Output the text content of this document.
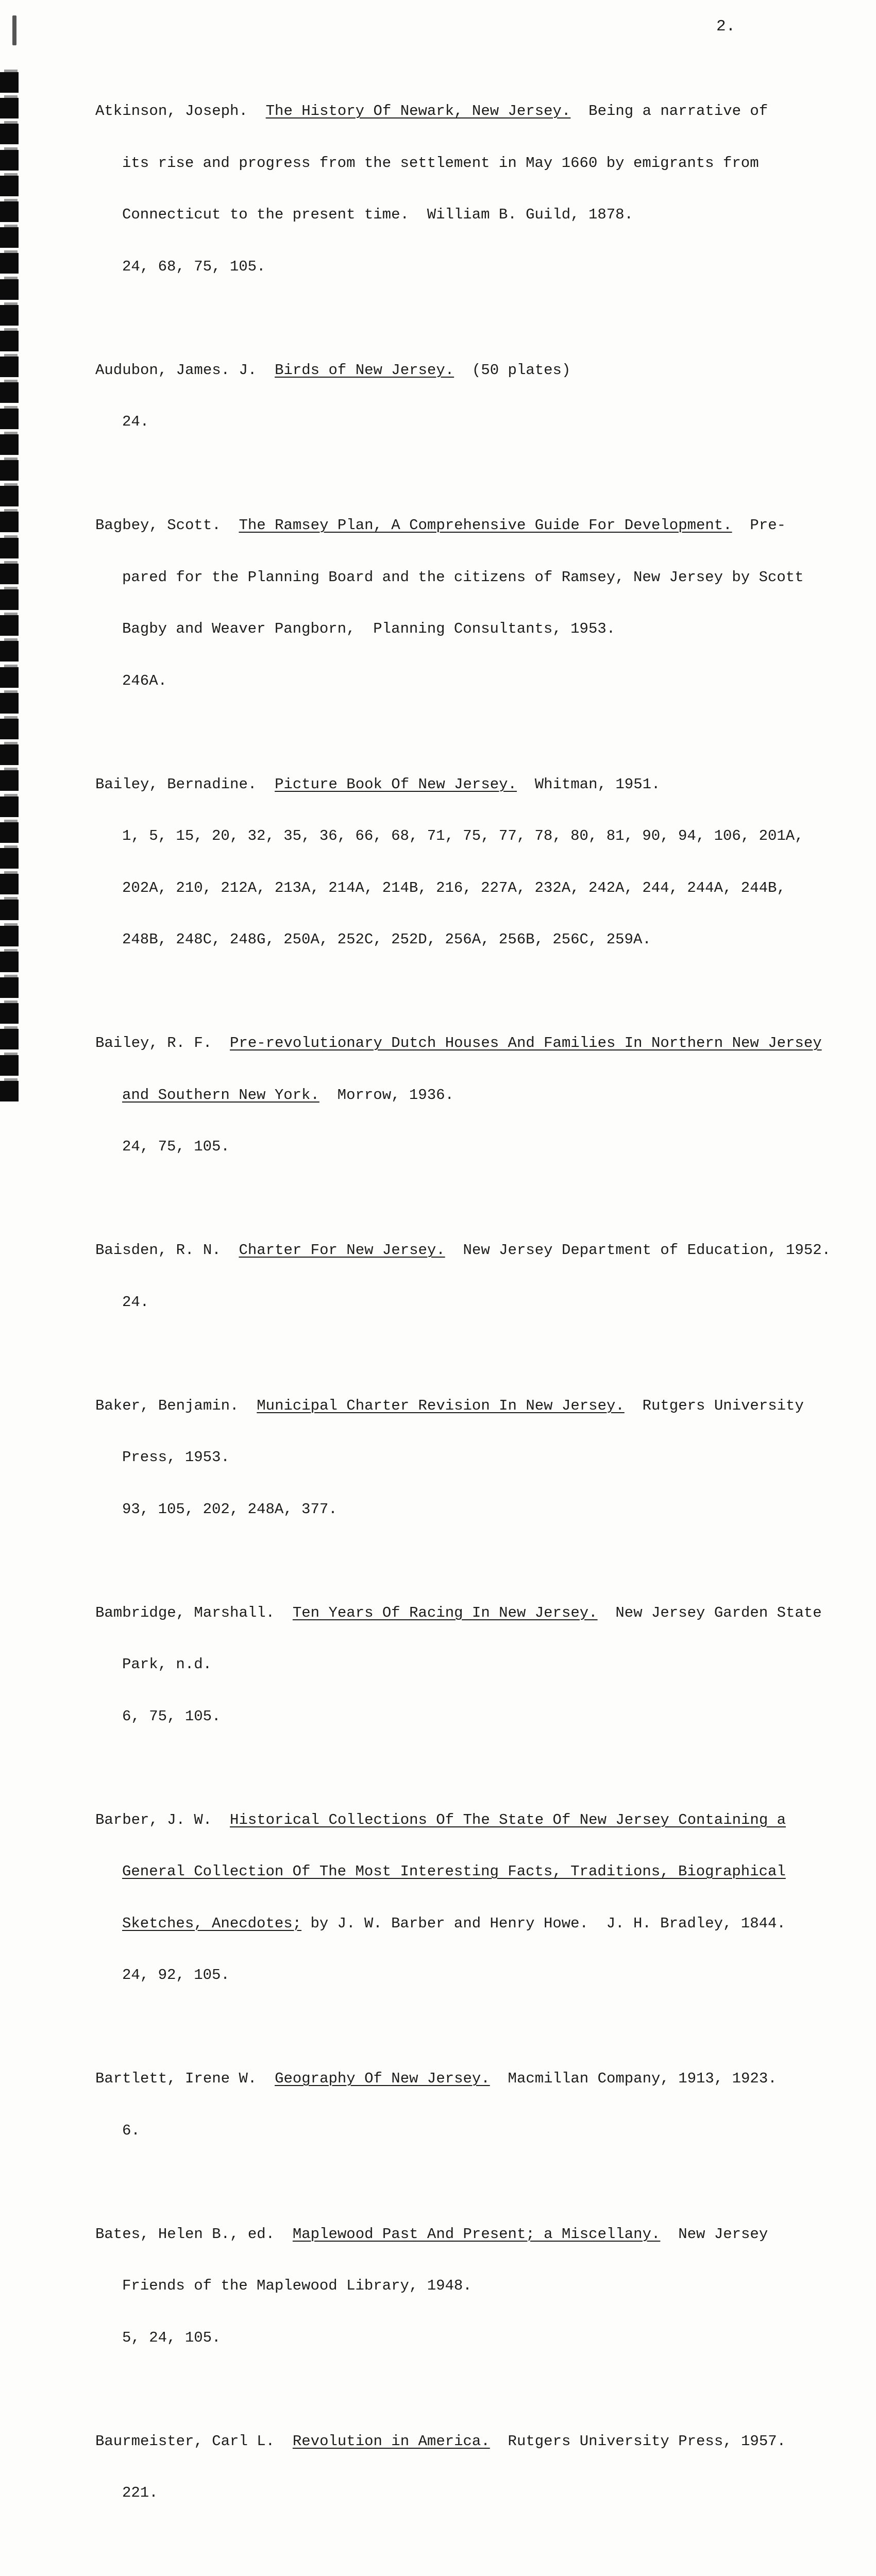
2.

Atkinson, Joseph.  The History Of Newark, New Jersey.  Being a narrative of

its rise and progress from the settlement in May 1660 by emigrants from

Connecticut to the present time.  William B. Guild, 1878.

24, 68, 75, 105.

Audubon, James. J.  Birds of New Jersey.  (50 plates)

24.

Bagbey, Scott.  The Ramsey Plan, A Comprehensive Guide For Development.  Pre-

pared for the Planning Board and the citizens of Ramsey, New Jersey by Scott

Bagby and Weaver Pangborn,  Planning Consultants, 1953.

246A.

Bailey, Bernadine.  Picture Book Of New Jersey.  Whitman, 1951.

1, 5, 15, 20, 32, 35, 36, 66, 68, 71, 75, 77, 78, 80, 81, 90, 94, 106, 201A,

202A, 210, 212A, 213A, 214A, 214B, 216, 227A, 232A, 242A, 244, 244A, 244B,

248B, 248C, 248G, 250A, 252C, 252D, 256A, 256B, 256C, 259A.

Bailey, R. F.  Pre-revolutionary Dutch Houses And Families In Northern New Jersey

and Southern New York.  Morrow, 1936.

24, 75, 105.

Baisden, R. N.  Charter For New Jersey.  New Jersey Department of Education, 1952.

24.

Baker, Benjamin.  Municipal Charter Revision In New Jersey.  Rutgers University

Press, 1953.

93, 105, 202, 248A, 377.

Bambridge, Marshall.  Ten Years Of Racing In New Jersey.  New Jersey Garden State

Park, n.d.

6, 75, 105.

Barber, J. W.  Historical Collections Of The State Of New Jersey Containing a

General Collection Of The Most Interesting Facts, Traditions, Biographical

Sketches, Anecdotes; by J. W. Barber and Henry Howe.  J. H. Bradley, 1844.

24, 92, 105.

Bartlett, Irene W.  Geography Of New Jersey.  Macmillan Company, 1913, 1923.

6.

Bates, Helen B., ed.  Maplewood Past And Present; a Miscellany.  New Jersey

Friends of the Maplewood Library, 1948.

5, 24, 105.

Baurmeister, Carl L.  Revolution in America.  Rutgers University Press, 1957.

221.
